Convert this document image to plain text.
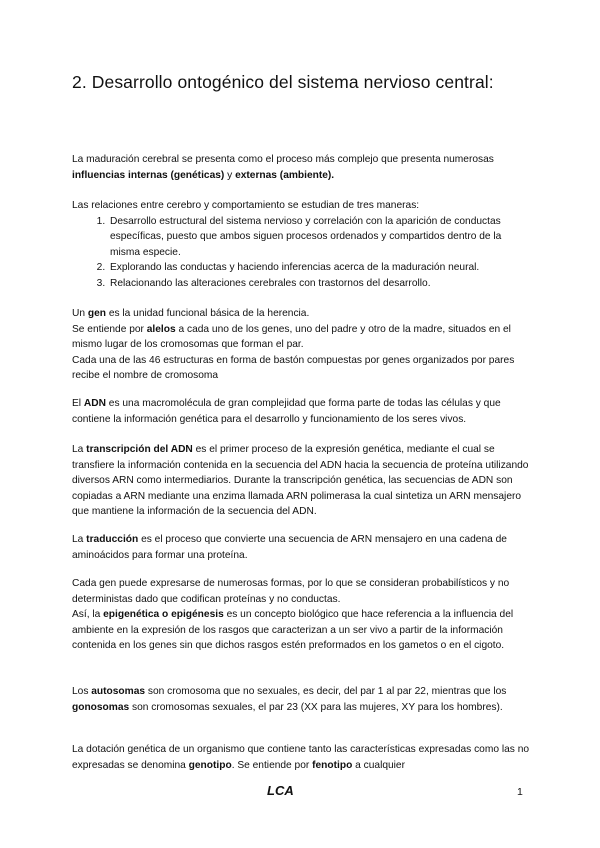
2. Desarrollo ontogénico del sistema nervioso central:

La maduración cerebral se presenta como el proceso más complejo que presenta numerosas influencias internas (genéticas) y externas (ambiente).

Las relaciones entre cerebro y comportamiento se estudian de tres maneras:

1. Desarrollo estructural del sistema nervioso y correlación con la aparición de conductas específicas, puesto que ambos siguen procesos ordenados y compartidos dentro de la misma especie.
2. Explorando las conductas y haciendo inferencias acerca de la maduración neural.
3. Relacionando las alteraciones cerebrales con trastornos del desarrollo.

Un gen es la unidad funcional básica de la herencia.

Se entiende por alelos a cada uno de los genes, uno del padre y otro de la madre, situados en el mismo lugar de los cromosomas que forman el par.

Cada una de las 46 estructuras en forma de bastón compuestas por genes organizados por pares recibe el nombre de cromosoma

El ADN es una macromolécula de gran complejidad que forma parte de todas las células y que contiene la información genética para el desarrollo y funcionamiento de los seres vivos.

La transcripción del ADN es el primer proceso de la expresión genética, mediante el cual se transfiere la información contenida en la secuencia del ADN hacia la secuencia de proteína utilizando diversos ARN como intermediarios. Durante la transcripción genética, las secuencias de ADN son copiadas a ARN mediante una enzima llamada ARN polimerasa la cual sintetiza un ARN mensajero que mantiene la información de la secuencia del ADN.

La traducción es el proceso que convierte una secuencia de ARN mensajero en una cadena de aminoácidos para formar una proteína.

Cada gen puede expresarse de numerosas formas, por lo que se consideran probabilísticos y no deterministas dado que codifican proteínas y no conductas.

Así, la epigenética o epigénesis es un concepto biológico que hace referencia a la influencia del ambiente en la expresión de los rasgos que caracterizan a un ser vivo a partir de la información contenida en los genes sin que dichos rasgos estén preformados en los gametos o en el cigoto.

Los autosomas son cromosoma que no sexuales, es decir, del par 1 al par 22, mientras que los gonosomas son cromosomas sexuales, el par 23 (XX para las mujeres, XY para los hombres).

La dotación genética de un organismo que contiene tanto las características expresadas como las no expresadas se denomina genotipo. Se entiende por fenotipo a cualquier

LCA	1
